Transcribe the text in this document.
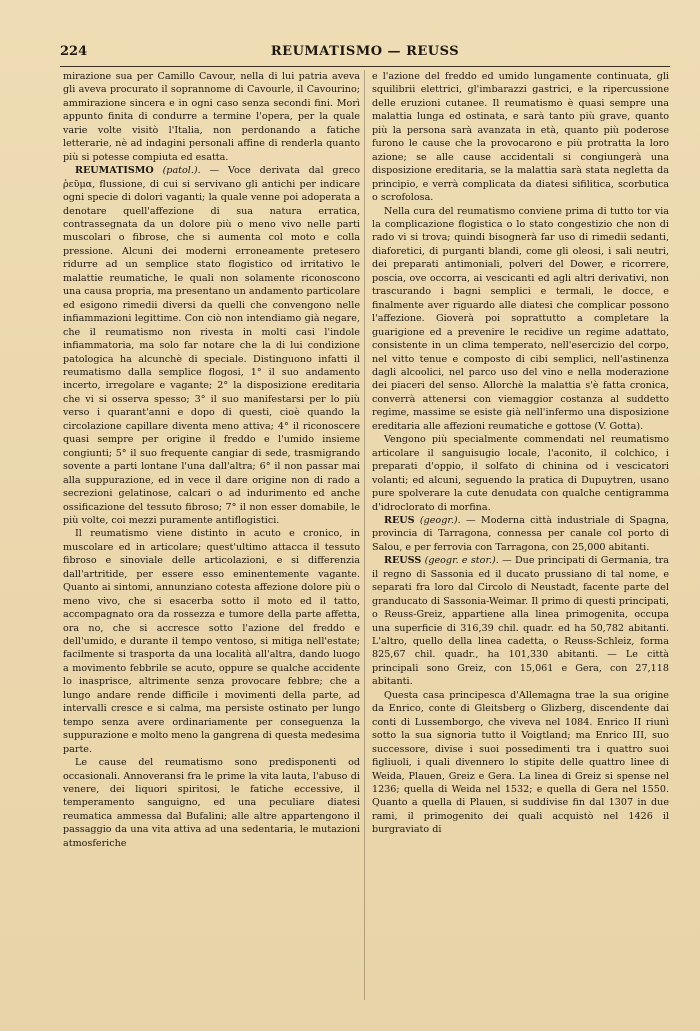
224	REUMATISMO — REUSS

mirazione sua per Camillo Cavour, nella di lui patria aveva gli aveva procurato il soprannome di Cavourle, il Cavourino; ammirazione sincera e in ogni caso senza secondi fini. Morì appunto finita di condurre a termine l'opera, per la quale varie volte visitò l'Italia, non perdonando a fatiche letterarie, nè ad indagini personali affine di renderla quanto più si potesse compiuta ed esatta.

REUMATISMO (patol.). — Voce derivata dal greco ῥεῦμα, flussione, di cui si servivano gli antichi per indicare ogni specie di dolori vaganti; la quale venne poi adoperata a denotare quell'affezione di sua natura erratica, contrassegnata da un dolore più o meno vivo nelle parti muscolari o fibrose, che si aumenta col moto e colla pressione. Alcuni dei moderni erroneamente pretesero ridurre ad un semplice stato flogistico od irritativo le malattie reumatiche, le quali non solamente riconoscono una causa propria, ma presentano un andamento particolare ed esigono rimedii diversi da quelli che convengono nelle infiammazioni legittime. Con ciò non intendiamo già negare, che il reumatismo non rivesta in molti casi l'indole infiammatoria, ma solo far notare che la di lui condizione patologica ha alcunchè di speciale. Distinguono infatti il reumatismo dalla semplice flogosi, 1° il suo andamento incerto, irregolare e vagante; 2° la disposizione ereditaria che vi si osserva spesso; 3° il suo manifestarsi per lo più verso i quarant'anni e dopo di questi, cioè quando la circolazione capillare diventa meno attiva; 4° il riconoscere quasi sempre per origine il freddo e l'umido insieme congiunti; 5° il suo frequente cangiar di sede, trasmigrando sovente a parti lontane l'una dall'altra; 6° il non passar mai alla suppurazione, ed in vece il dare origine non di rado a secrezioni gelatinose, calcari o ad indurimento ed anche ossificazione del tessuto fibroso; 7° il non esser domabile, le più volte, coi mezzi puramente antiflogistici.

Il reumatismo viene distinto in acuto e cronico, in muscolare ed in articolare; quest'ultimo attacca il tessuto fibroso e sinoviale delle articolazioni, e si differenzia dall'artritide, per essere esso eminentemente vagante. Quanto ai sintomi, annunziano cotesta affezione dolore più o meno vivo, che si esacerba sotto il moto ed il tatto, accompagnato ora da rossezza e tumore della parte affetta, ora no, che si accresce sotto l'azione del freddo e dell'umido, e durante il tempo ventoso, si mitiga nell'estate; facilmente si trasporta da una località all'altra, dando luogo a movimento febbrile se acuto, oppure se qualche accidente lo inasprisce, altrimente senza provocare febbre; che a lungo andare rende difficile i movimenti della parte, ad intervalli cresce e si calma, ma persiste ostinato per lungo tempo senza avere ordinariamente per conseguenza la suppurazione e molto meno la gangrena di questa medesima parte.

Le cause del reumatismo sono predisponenti od occasionali. Annoveransi fra le prime la vita lauta, l'abuso di venere, dei liquori spiritosi, le fatiche eccessive, il temperamento sanguigno, ed una peculiare diatesi reumatica ammessa dal Bufalini; alle altre appartengono il passaggio da una vita attiva ad una sedentaria, le mutazioni atmosferiche

e l'azione del freddo ed umido lungamente continuata, gli squilibrii elettrici, gl'imbarazzi gastrici, e la ripercussione delle eruzioni cutanee. Il reumatismo è quasi sempre una malattia lunga ed ostinata, e sarà tanto più grave, quanto più la persona sarà avanzata in età, quanto più poderose furono le cause che la provocarono e più protratta la loro azione; se alle cause accidentali si congiungerà una disposizione ereditaria, se la malattia sarà stata negletta da principio, e verrà complicata da diatesi sifilitica, scorbutica o scrofolosa.

Nella cura del reumatismo conviene prima di tutto tor via la complicazione flogistica o lo stato congestizio che non di rado vi si trova; quindi bisognerà far uso di rimedii sedanti, diaforetici, di purganti blandi, come gli oleosi, i sali neutri, dei preparati antimoniali, polveri del Dower, e ricorrere, poscia, ove occorra, ai vescicanti ed agli altri derivativi, non trascurando i bagni semplici e termali, le docce, e finalmente aver riguardo alle diatesi che complicar possono l'affezione. Gioverà poi soprattutto a completare la guarigione ed a prevenire le recidive un regime adattato, consistente in un clima temperato, nell'esercizio del corpo, nel vitto tenue e composto di cibi semplici, nell'astinenza dagli alcoolici, nel parco uso del vino e nella moderazione dei piaceri del senso. Allorchè la malattia s'è fatta cronica, converrà attenersi con viemaggior costanza al suddetto regime, massime se esiste già nell'infermo una disposizione ereditaria alle affezioni reumatiche e gottose (V. Gotta).

Vengono più specialmente commendati nel reumatismo articolare il sanguisugio locale, l'aconito, il colchico, i preparati d'oppio, il solfato di chinina od i vescicatori volanti; ed alcuni, seguendo la pratica di Dupuytren, usano pure spolverare la cute denudata con qualche centigramma d'idroclorato di morfina.

REUS (geogr.). — Moderna città industriale di Spagna, provincia di Tarragona, connessa per canale col porto di Salou, e per ferrovia con Tarragona, con 25,000 abitanti.

REUSS (geogr. e stor.). — Due principati di Germania, tra il regno di Sassonia ed il ducato prussiano di tal nome, e separati fra loro dal Circolo di Neustadt, facente parte del granducato di Sassonia-Weimar. Il primo di questi principati, o Reuss-Greiz, appartiene alla linea primogenita, occupa una superficie di 316,39 chil. quadr. ed ha 50,782 abitanti. L'altro, quello della linea cadetta, o Reuss-Schleiz, forma 825,67 chil. quadr., ha 101,330 abitanti. — Le città principali sono Greiz, con 15,061 e Gera, con 27,118 abitanti.

Questa casa principesca d'Allemagna trae la sua origine da Enrico, conte di Gleitsberg o Glizberg, discendente dai conti di Lussemborgo, che viveva nel 1084. Enrico II riunì sotto la sua signoria tutto il Voigtland; ma Enrico III, suo successore, divise i suoi possedimenti tra i quattro suoi figliuoli, i quali divennero lo stipite delle quattro linee di Weida, Plauen, Greiz e Gera. La linea di Greiz si spense nel 1236; quella di Weida nel 1532; e quella di Gera nel 1550. Quanto a quella di Plauen, si suddivise fin dal 1307 in due rami, il primogenito dei quali acquistò nel 1426 il burgraviato di
